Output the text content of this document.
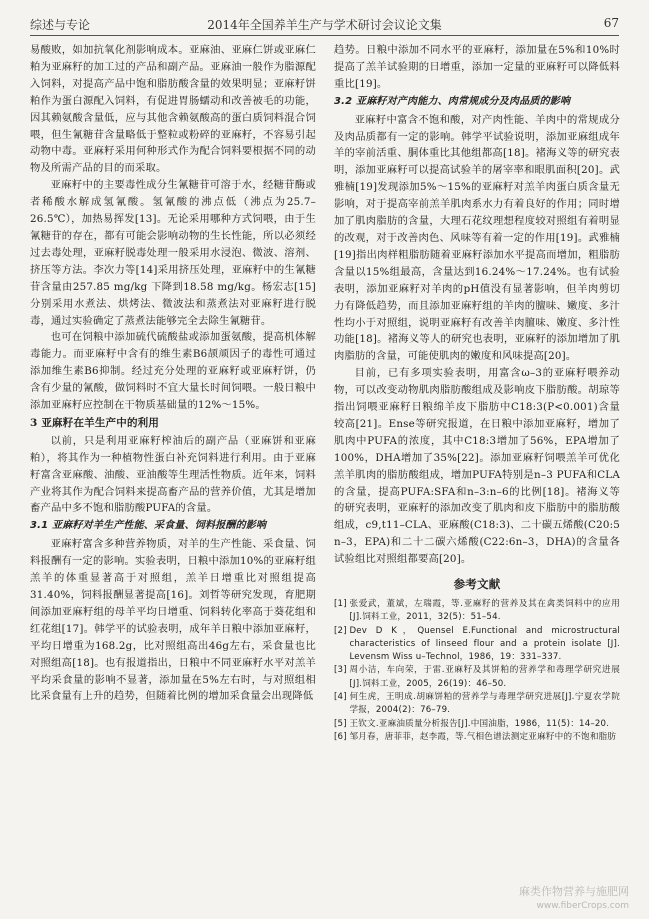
综述与专论	2014年全国养羊生产与学术研讨会议论文集	67

易酸败，如加抗氧化剂影响成本。亚麻油、亚麻仁饼或亚麻仁粕为亚麻籽的加工过的产品和副产品。亚麻油一般作为脂源配入饲料，对提高产品中饱和脂肪酸含量的效果明显；亚麻籽饼粕作为蛋白源配入饲料，有促进胃肠蠕动和改善被毛的功能，因其赖氨酸含量低，应与其他含赖氨酸高的蛋白质饲料混合饲喂，但生氰糖苷含量略低于整粒或粉碎的亚麻籽，不容易引起动物中毒。亚麻籽采用何种形式作为配合饲料要根据不同的动物及所需产品的目的而采取。

亚麻籽中的主要毒性成分生氰糖苷可溶于水，经糖苷酶或者稀酸水解成氢氰酸。氢氰酸的沸点低（沸点为25.7–26.5℃），加热易挥发[13]。无论采用哪种方式饲喂，由于生氰糖苷的存在，都有可能会影响动物的生长性能，所以必须经过去毒处理，亚麻籽脱毒处理一般采用水浸泡、微波、溶剂、挤压等方法。李次力等[14]采用挤压处理，亚麻籽中的生氰糖苷含量由257.85 mg/kg 下降到18.58 mg/kg。杨宏志[15]分别采用水煮法、烘烤法、微波法和蒸煮法对亚麻籽进行脱毒，通过实验确定了蒸煮法能够完全去除生氰糖苷。

也可在饲粮中添加硫代硫酸盐或添加蛋氨酸，提高机体解毒能力。而亚麻籽中含有的维生素B6颉颃因子的毒性可通过添加维生素B6抑制。经过充分处理的亚麻籽或亚麻籽饼，仍含有少量的氰酸，做饲料时不宜大量长时间饲喂。一般日粮中添加亚麻籽应控制在干物质基础量的12%～15%。

3 亚麻籽在羊生产中的利用

以前，只是利用亚麻籽榨油后的副产品（亚麻饼和亚麻粕），将其作为一种植物性蛋白补充饲料进行利用。由于亚麻籽富含亚麻酸、油酸、亚油酸等生理活性物质。近年来，饲料产业将其作为配合饲料来提高畜产品的营养价值，尤其是增加畜产品中多不饱和脂肪酸PUFA的含量。

3.1 亚麻籽对羊生产性能、采食量、饲料报酬的影响

亚麻籽富含多种营养物质，对羊的生产性能、采食量、饲料报酬有一定的影响。实验表明，日粮中添加10%的亚麻籽组羔羊的体重显著高于对照组，羔羊日增重比对照组提高31.40%，饲料报酬显著提高[16]。刘哲等研究发现，育肥期间添加亚麻籽组的母羊平均日增重、饲料转化率高于葵花组和红花组[17]。韩学平的试验表明，成年羊日粮中添加亚麻籽，平均日增重为168.2g，比对照组高出46g左右，采食量也比对照组高[18]。也有报道指出，日粮中不同亚麻籽水平对羔羊平均采食量的影响不显著，添加量在5%左右时，与对照组相比采食量有上升的趋势，但随着比例的增加采食量会出现降低

趋势。日粮中添加不同水平的亚麻籽，添加量在5%和10%时提高了羔羊试验期的日增重，添加一定量的亚麻籽可以降低料重比[19]。

3.2 亚麻籽对产肉能力、肉常规成分及肉品质的影响

亚麻籽中富含不饱和酸，对产肉性能、羊肉中的常规成分及肉品质都有一定的影响。韩学平试验说明，添加亚麻组成年羊的宰前活重、胴体重比其他组都高[18]。褚海义等的研究表明，添加亚麻籽可以提高试验羊的屠宰率和眼肌面积[20]。武雅楠[19]发现添加5%～15%的亚麻籽对羔羊肉蛋白质含量无影响，对于提高宰前羔羊肌肉系水力有着良好的作用；同时增加了肌肉脂肪的含量，大理石花纹理想程度较对照组有着明显的改观，对于改善肉色、风味等有着一定的作用[19]。武雅楠[19]指出肉样粗脂肪随着亚麻籽添加水平提高而增加，粗脂肪含量以15%组最高，含量达到16.24%～17.24%。也有试验表明，添加亚麻籽对羊肉的pH值没有显著影响，但羊肉剪切力有降低趋势，而且添加亚麻籽组的羊肉的膻味、嫩度、多汁性均小于对照组，说明亚麻籽有改善羊肉膻味、嫩度、多汁性功能[18]。褚海义等人的研究也表明，亚麻籽的添加增加了肌肉脂肪的含量，可能使肌肉的嫩度和风味提高[20]。

目前，已有多项实验表明，用富含ω–3的亚麻籽喂养动物，可以改变动物肌肉脂肪酸组成及影响皮下脂肪酸。胡琼等指出饲喂亚麻籽日粮绵羊皮下脂肪中C18:3(P<0.001)含量较高[21]。Ense等研究报道，在日粮中添加亚麻籽，增加了肌肉中PUFA的浓度，其中C18:3增加了56%，EPA增加了100%，DHA增加了35%[22]。添加亚麻籽饲喂羔羊可优化羔羊肌肉的脂肪酸组成，增加PUFA特别是n–3 PUFA和CLA的含量，提高PUFA:SFA和n–3:n–6的比例[18]。褚海义等的研究表明，亚麻籽的添加改变了肌肉和皮下脂肪中的脂肪酸组成，c9,t11–CLA、亚麻酸(C18:3)、二十碳五烯酸(C20:5 n–3，EPA)和二十二碳六烯酸(C22:6n–3，DHA)的含量各试验组比对照组都要高[20]。

参考文献
[1] 张爱武，董斌，左瑞霞，等.亚麻籽的营养及其在禽类饲料中的应用[J].饲料工业，2011，32(5)：51–54.
[2] Dev D K，Quensel E.Functional and microstructural characteristics of linseed flour and a protein isolate [J]. Levensm Wiss u–Technol，1986，19：331–337.
[3] 周小洁，车向荣，于雷.亚麻籽及其饼粕的营养学和毒理学研究进展[J].饲料工业，2005，26(19)：46–50.
[4] 何生虎，王明成.胡麻饼粕的营养学与毒理学研究进展[J].宁夏农学院学报，2004(2)：76–79.
[5] 王钦文.亚麻油质量分析报告[J].中国油脂，1986，11(5)：14–20.
[6] 邹月春，唐菲菲，赵李霞，等.气相色谱法测定亚麻籽中的不饱和脂肪
麻类作物营养与施肥网
www.fiberCrops.com
